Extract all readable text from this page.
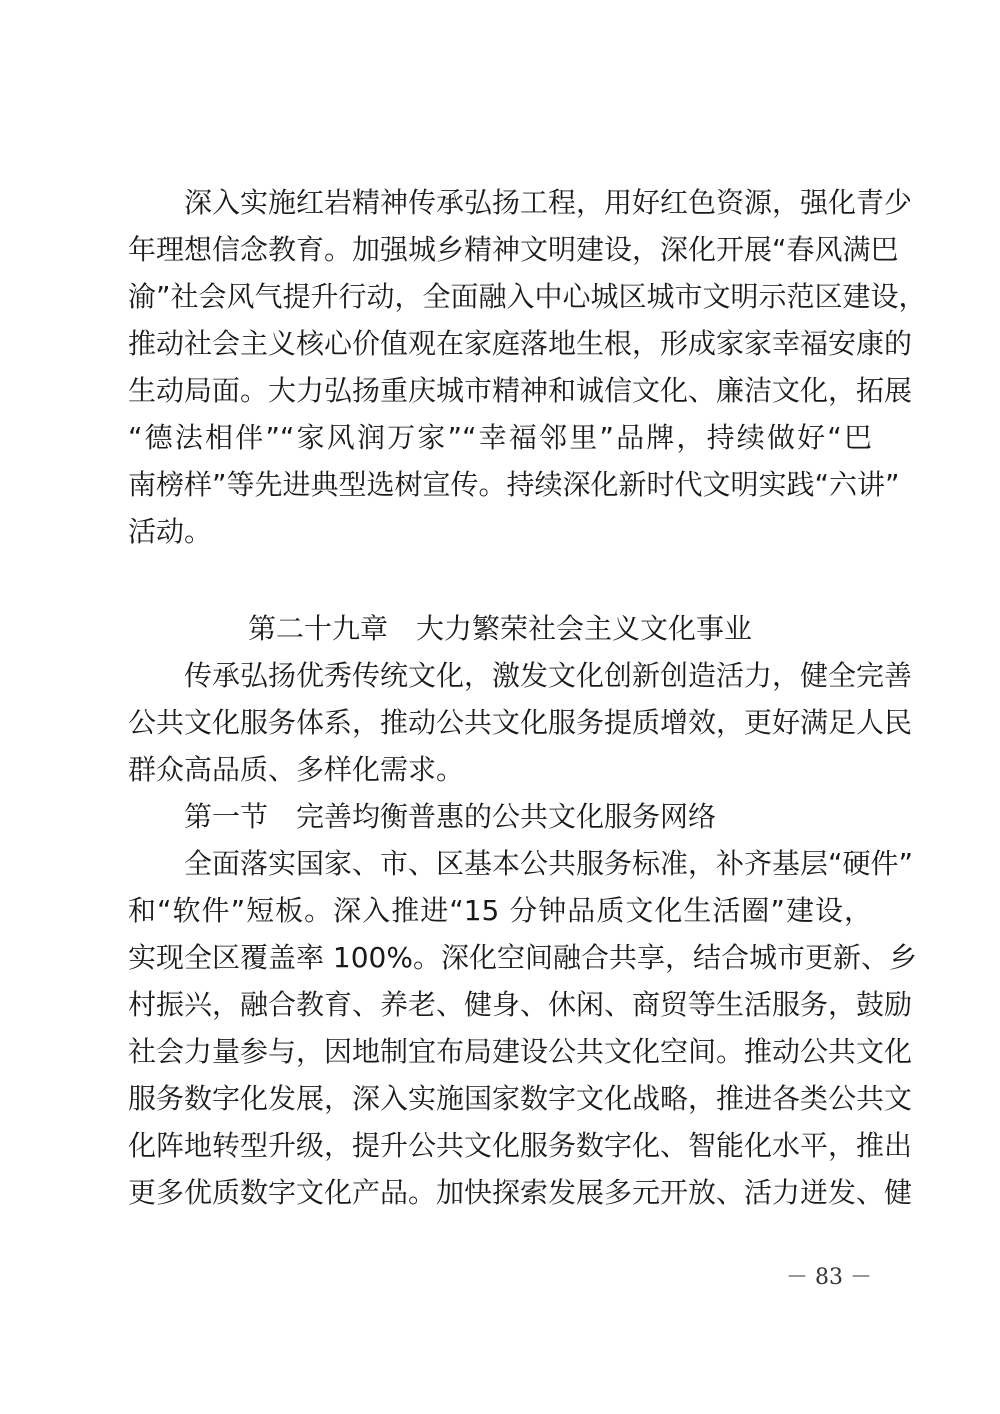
深入实施红岩精神传承弘扬工程，用好红色资源，强化青少
年理想信念教育。加强城乡精神文明建设，深化开展“春风满巴
渝”社会风气提升行动，全面融入中心城区城市文明示范区建设，
推动社会主义核心价值观在家庭落地生根，形成家家幸福安康的
生动局面。大力弘扬重庆城市精神和诚信文化、廉洁文化，拓展
“德法相伴”“家风润万家”“幸福邻里”品牌，持续做好“巴
南榜样”等先进典型选树宣传。持续深化新时代文明实践“六讲”
活动。
第二十九章　大力繁荣社会主义文化事业
传承弘扬优秀传统文化，激发文化创新创造活力，健全完善
公共文化服务体系，推动公共文化服务提质增效，更好满足人民
群众高品质、多样化需求。
第一节　完善均衡普惠的公共文化服务网络
全面落实国家、市、区基本公共服务标准，补齐基层“硬件”
和“软件”短板。深入推进“15 分钟品质文化生活圈”建设，
实现全区覆盖率 100%。深化空间融合共享，结合城市更新、乡
村振兴，融合教育、养老、健身、休闲、商贸等生活服务，鼓励
社会力量参与，因地制宜布局建设公共文化空间。推动公共文化
服务数字化发展，深入实施国家数字文化战略，推进各类公共文
化阵地转型升级，提升公共文化服务数字化、智能化水平，推出
更多优质数字文化产品。加快探索发展多元开放、活力迸发、健
－ 83 －
